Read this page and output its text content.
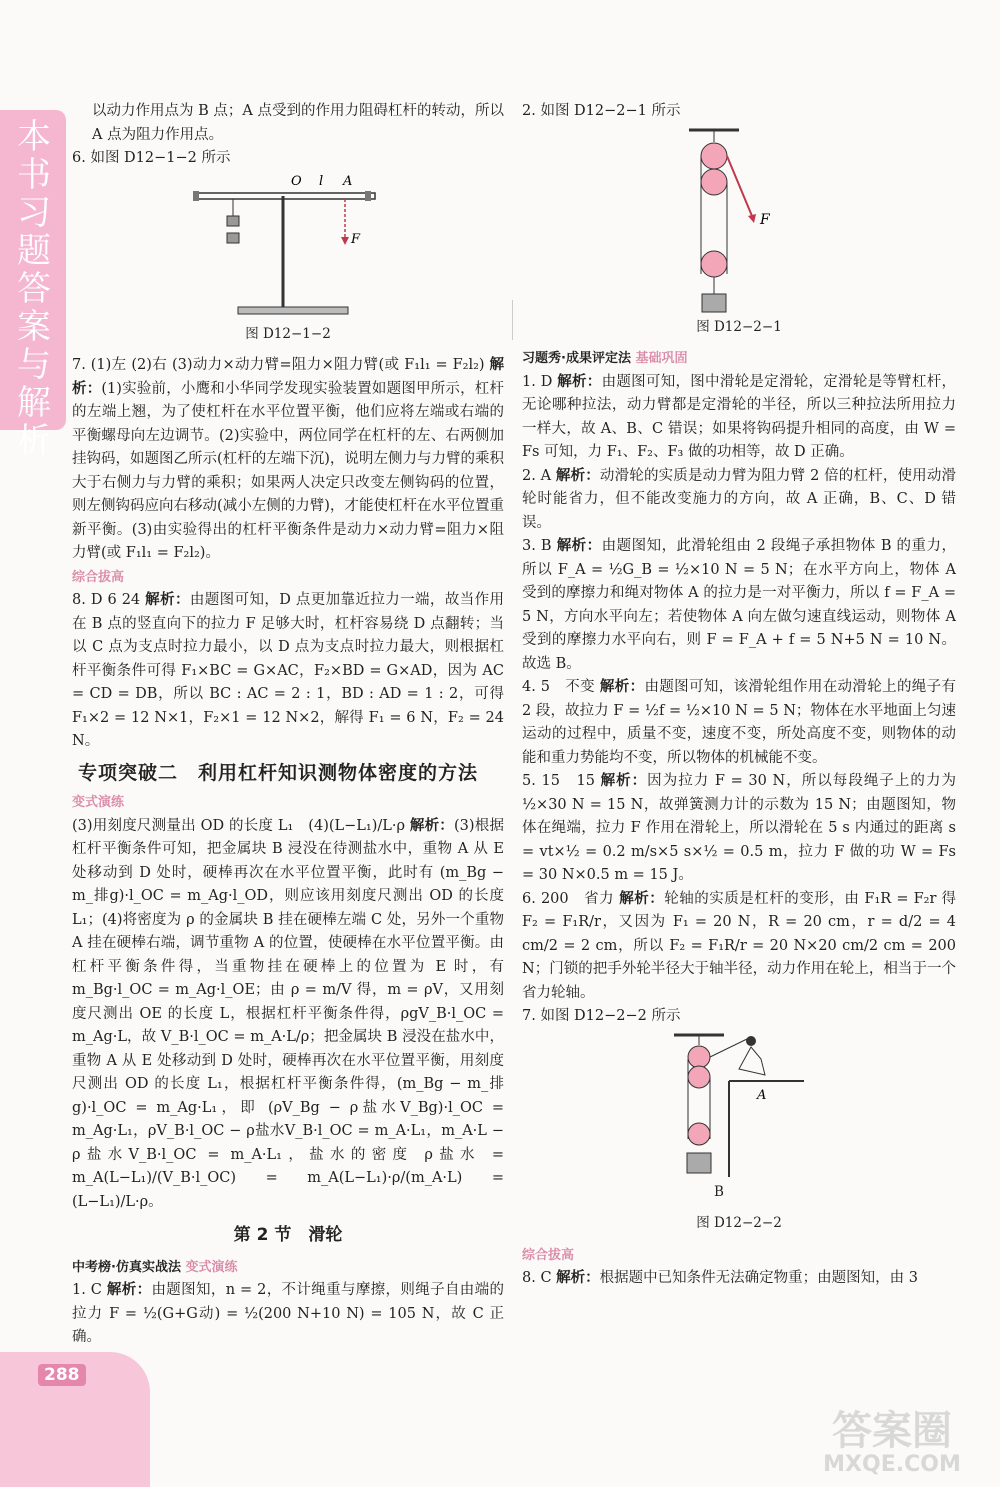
本书习题答案与解析

以动力作用点为 B 点；A 点受到的作用力阻碍杠杆的转动，所以 A 点为阻力作用点。

6. 如图 D12−1−2 所示

O l A
F
图 D12−1−2

7. (1)左 (2)右 (3)动力×动力臂=阻力×阻力臂(或 F₁l₁ = F₂l₂) 解析：(1)实验前，小鹰和小华同学发现实验装置如题图甲所示，杠杆的左端上翘，为了使杠杆在水平位置平衡，他们应将左端或右端的平衡螺母向左边调节。(2)实验中，两位同学在杠杆的左、右两侧加挂钩码，如题图乙所示(杠杆的左端下沉)，说明左侧力与力臂的乘积大于右侧力与力臂的乘积；如果两人决定只改变左侧钩码的位置，则左侧钩码应向右移动(减小左侧的力臂)，才能使杠杆在水平位置重新平衡。(3)由实验得出的杠杆平衡条件是动力×动力臂=阻力×阻力臂(或 F₁l₁ = F₂l₂)。

综合拔高

8. D 6 24 解析：由题图可知，D 点更加靠近拉力一端，故当作用在 B 点的竖直向下的拉力 F 足够大时，杠杆容易绕 D 点翻转；当以 C 点为支点时拉力最小，以 D 点为支点时拉力最大，则根据杠杆平衡条件可得 F₁×BC = G×AC，F₂×BD = G×AD，因为 AC = CD = DB，所以 BC : AC = 2 : 1，BD : AD = 1 : 2，可得 F₁×2 = 12 N×1，F₂×1 = 12 N×2，解得 F₁ = 6 N，F₂ = 24 N。

专项突破二　利用杠杆知识测物体密度的方法
变式演练

(3)用刻度尺测量出 OD 的长度 L₁　(4)(L−L₁)/L·ρ 解析：(3)根据杠杆平衡条件可知，把金属块 B 浸没在待测盐水中，重物 A 从 E 处移动到 D 处时，硬棒再次在水平位置平衡，此时有 (m_Bg − m_排g)·l_OC = m_Ag·l_OD，则应该用刻度尺测出 OD 的长度 L₁；(4)将密度为 ρ 的金属块 B 挂在硬棒左端 C 处，另外一个重物 A 挂在硬棒右端，调节重物 A 的位置，使硬棒在水平位置平衡。由杠杆平衡条件得，当重物挂在硬棒上的位置为 E 时，有 m_Bg·l_OC = m_Ag·l_OE；由 ρ = m/V 得，m = ρV，又用刻度尺测出 OE 的长度 L，根据杠杆平衡条件得，ρgV_B·l_OC = m_Ag·L，故 V_B·l_OC = m_A·L/ρ；把金属块 B 浸没在盐水中，重物 A 从 E 处移动到 D 处时，硬棒再次在水平位置平衡，用刻度尺测出 OD 的长度 L₁，根据杠杆平衡条件得，(m_Bg − m_排g)·l_OC = m_Ag·L₁，即 (ρV_Bg − ρ盐水V_Bg)·l_OC = m_Ag·L₁，ρV_B·l_OC − ρ盐水V_B·l_OC = m_A·L₁，m_A·L − ρ盐水V_B·l_OC = m_A·L₁，盐水的密度 ρ盐水 = m_A(L−L₁)/(V_B·l_OC) = m_A(L−L₁)·ρ/(m_A·L) = (L−L₁)/L·ρ。

第 2 节　滑轮
中考榜·仿真实战法 变式演练

1. C 解析：由题图知，n = 2，不计绳重与摩擦，则绳子自由端的拉力 F = ½(G+G动) = ½(200 N+10 N) = 105 N，故 C 正确。

2. 如图 D12−2−1 所示

F
图 D12−2−1
习题秀·成果评定法 基础巩固

1. D 解析：由题图可知，图中滑轮是定滑轮，定滑轮是等臂杠杆，无论哪种拉法，动力臂都是定滑轮的半径，所以三种拉法所用拉力一样大，故 A、B、C 错误；如果将钩码提升相同的高度，由 W = Fs 可知，力 F₁、F₂、F₃ 做的功相等，故 D 正确。

2. A 解析：动滑轮的实质是动力臂为阻力臂 2 倍的杠杆，使用动滑轮时能省力，但不能改变施力的方向，故 A 正确，B、C、D 错误。

3. B 解析：由题图知，此滑轮组由 2 段绳子承担物体 B 的重力，所以 F_A = ½G_B = ½×10 N = 5 N；在水平方向上，物体 A 受到的摩擦力和绳对物体 A 的拉力是一对平衡力，所以 f = F_A = 5 N，方向水平向左；若使物体 A 向左做匀速直线运动，则物体 A 受到的摩擦力水平向右，则 F = F_A + f = 5 N+5 N = 10 N。故选 B。

4. 5　不变 解析：由题图可知，该滑轮组作用在动滑轮上的绳子有 2 段，故拉力 F = ½f = ½×10 N = 5 N；物体在水平地面上匀速运动的过程中，质量不变，速度不变，所处高度不变，则物体的动能和重力势能均不变，所以物体的机械能不变。

5. 15　15 解析：因为拉力 F = 30 N，所以每段绳子上的力为 ½×30 N = 15 N，故弹簧测力计的示数为 15 N；由题图知，物体在绳端，拉力 F 作用在滑轮上，所以滑轮在 5 s 内通过的距离 s = vt×½ = 0.2 m/s×5 s×½ = 0.5 m，拉力 F 做的功 W = Fs = 30 N×0.5 m = 15 J。

6. 200　省力 解析：轮轴的实质是杠杆的变形，由 F₁R = F₂r 得 F₂ = F₁R/r，又因为 F₁ = 20 N，R = 20 cm，r = d/2 = 4 cm/2 = 2 cm，所以 F₂ = F₁R/r = 20 N×20 cm/2 cm = 200 N；门锁的把手外轮半径大于轴半径，动力作用在轮上，相当于一个省力轮轴。

7. 如图 D12−2−2 所示

A
B
图 D12−2−2
综合拔高

8. C 解析：根据题中已知条件无法确定物重；由题图知，由 3

288
答案圈
MXQE.COM
